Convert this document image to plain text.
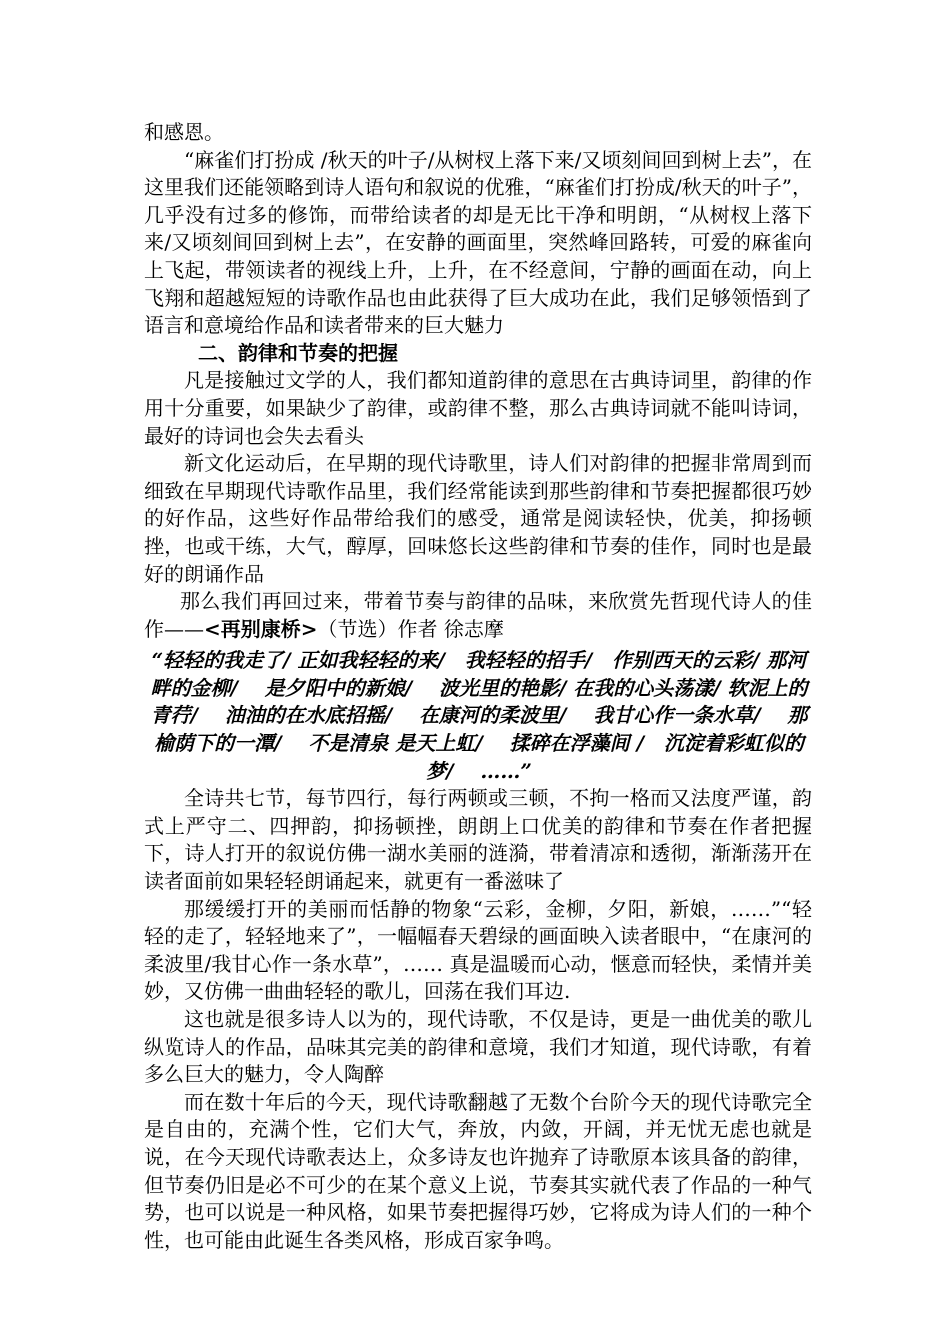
和感恩。

“麻雀们打扮成 /秋天的叶子/从树杈上落下来/又顷刻间回到树上去”，在这里我们还能领略到诗人语句和叙说的优雅，“麻雀们打扮成/秋天的叶子”，几乎没有过多的修饰，而带给读者的却是无比干净和明朗，“从树杈上落下来/又顷刻间回到树上去”，在安静的画面里，突然峰回路转，可爱的麻雀向上飞起，带领读者的视线上升，上升，在不经意间，宁静的画面在动，向上飞翔和超越短短的诗歌作品也由此获得了巨大成功在此，我们足够领悟到了语言和意境给作品和读者带来的巨大魅力

二、韵律和节奏的把握

凡是接触过文学的人，我们都知道韵律的意思在古典诗词里，韵律的作用十分重要，如果缺少了韵律，或韵律不整，那么古典诗词就不能叫诗词，最好的诗词也会失去看头

新文化运动后，在早期的现代诗歌里，诗人们对韵律的把握非常周到而细致在早期现代诗歌作品里，我们经常能读到那些韵律和节奏把握都很巧妙的好作品，这些好作品带给我们的感受，通常是阅读轻快，优美，抑扬顿挫，也或干练，大气，醇厚，回味悠长这些韵律和节奏的佳作，同时也是最好的朗诵作品

那么我们再回过来，带着节奏与韵律的品味，来欣赏先哲现代诗人的佳作——<再别康桥>（节选）作者 徐志摩

“轻轻的我走了/ 正如我轻轻的来/　我轻轻的招手/　作别西天的云彩/ 那河畔的金柳/　 是夕阳中的新娘/　 波光里的艳影/ 在我的心头荡漾/ 软泥上的青荇/　 油油的在水底招摇/　 在康河的柔波里/　 我甘心作一条水草/　 那榆荫下的一潭/　 不是清泉 是天上虹/　 揉碎在浮藻间 /　沉淀着彩虹似的梦/　 ……”

全诗共七节，每节四行，每行两顿或三顿，不拘一格而又法度严谨，韵式上严守二、四押韵，抑扬顿挫，朗朗上口优美的韵律和节奏在作者把握下，诗人打开的叙说仿佛一湖水美丽的涟漪，带着清凉和透彻，渐渐荡开在读者面前如果轻轻朗诵起来，就更有一番滋味了

那缓缓打开的美丽而恬静的物象“云彩，金柳，夕阳，新娘，……”“轻轻的走了，轻轻地来了”，一幅幅春天碧绿的画面映入读者眼中，“在康河的柔波里/我甘心作一条水草”，…… 真是温暖而心动，惬意而轻快，柔情并美妙，又仿佛一曲曲轻轻的歌儿，回荡在我们耳边.

这也就是很多诗人以为的，现代诗歌，不仅是诗，更是一曲优美的歌儿纵览诗人的作品，品味其完美的韵律和意境，我们才知道，现代诗歌，有着多么巨大的魅力，令人陶醉

而在数十年后的今天，现代诗歌翻越了无数个台阶今天的现代诗歌完全是自由的，充满个性，它们大气，奔放，内敛，开阔，并无忧无虑也就是说，在今天现代诗歌表达上，众多诗友也许抛弃了诗歌原本该具备的韵律，但节奏仍旧是必不可少的在某个意义上说，节奏其实就代表了作品的一种气势，也可以说是一种风格，如果节奏把握得巧妙，它将成为诗人们的一种个性，也可能由此诞生各类风格，形成百家争鸣。
